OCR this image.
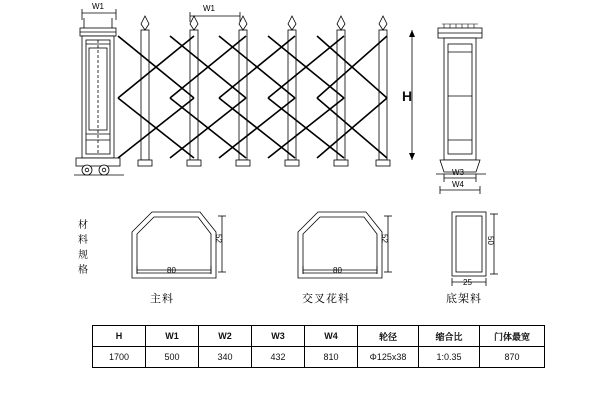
W1	W1
H
W3
W4
80
52
80
52
25
50
主料	交叉花料	底架料
材料规格
H	W1	W2	W3	W4	轮径	缩合比	门体最宽
1700	500	340	432	810	Φ125x38	1:0.35	870
